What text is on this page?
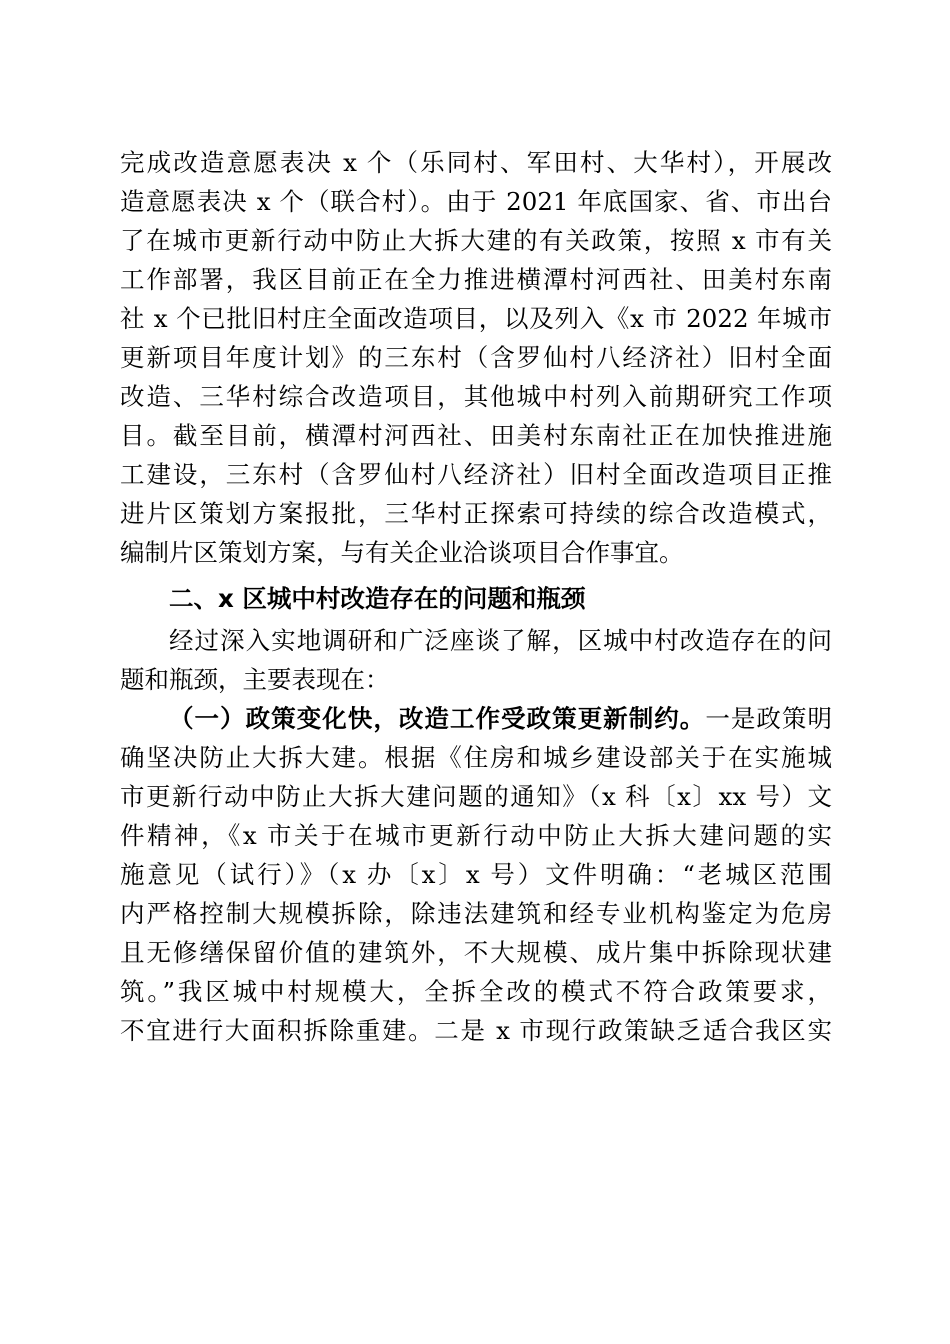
完成改造意愿表决 x 个（乐同村、军田村、大华村），开展改
造意愿表决 x 个（联合村）。由于 2021 年底国家、省、市出台
了在城市更新行动中防止大拆大建的有关政策，按照 x 市有关
工作部署，我区目前正在全力推进横潭村河西社、田美村东南
社 x 个已批旧村庄全面改造项目，以及列入《x 市 2022 年城市
更新项目年度计划》的三东村（含罗仙村八经济社）旧村全面
改造、三华村综合改造项目，其他城中村列入前期研究工作项
目。截至目前，横潭村河西社、田美村东南社正在加快推进施
工建设，三东村（含罗仙村八经济社）旧村全面改造项目正推
进片区策划方案报批，三华村正探索可持续的综合改造模式，
编制片区策划方案，与有关企业洽谈项目合作事宜。
二、x 区城中村改造存在的问题和瓶颈
经过深入实地调研和广泛座谈了解，区城中村改造存在的问
题和瓶颈，主要表现在：
（一）政策变化快，改造工作受政策更新制约。一是政策明
确坚决防止大拆大建。根据《住房和城乡建设部关于在实施城
市更新行动中防止大拆大建问题的通知》（x 科〔x〕xx 号）文
件精神，《x 市关于在城市更新行动中防止大拆大建问题的实
施意见（试行）》（x 办〔x〕x 号）文件明确：“老城区范围
内严格控制大规模拆除，除违法建筑和经专业机构鉴定为危房
且无修缮保留价值的建筑外，不大规模、成片集中拆除现状建
筑。”我区城中村规模大，全拆全改的模式不符合政策要求，
不宜进行大面积拆除重建。二是 x 市现行政策缺乏适合我区实
